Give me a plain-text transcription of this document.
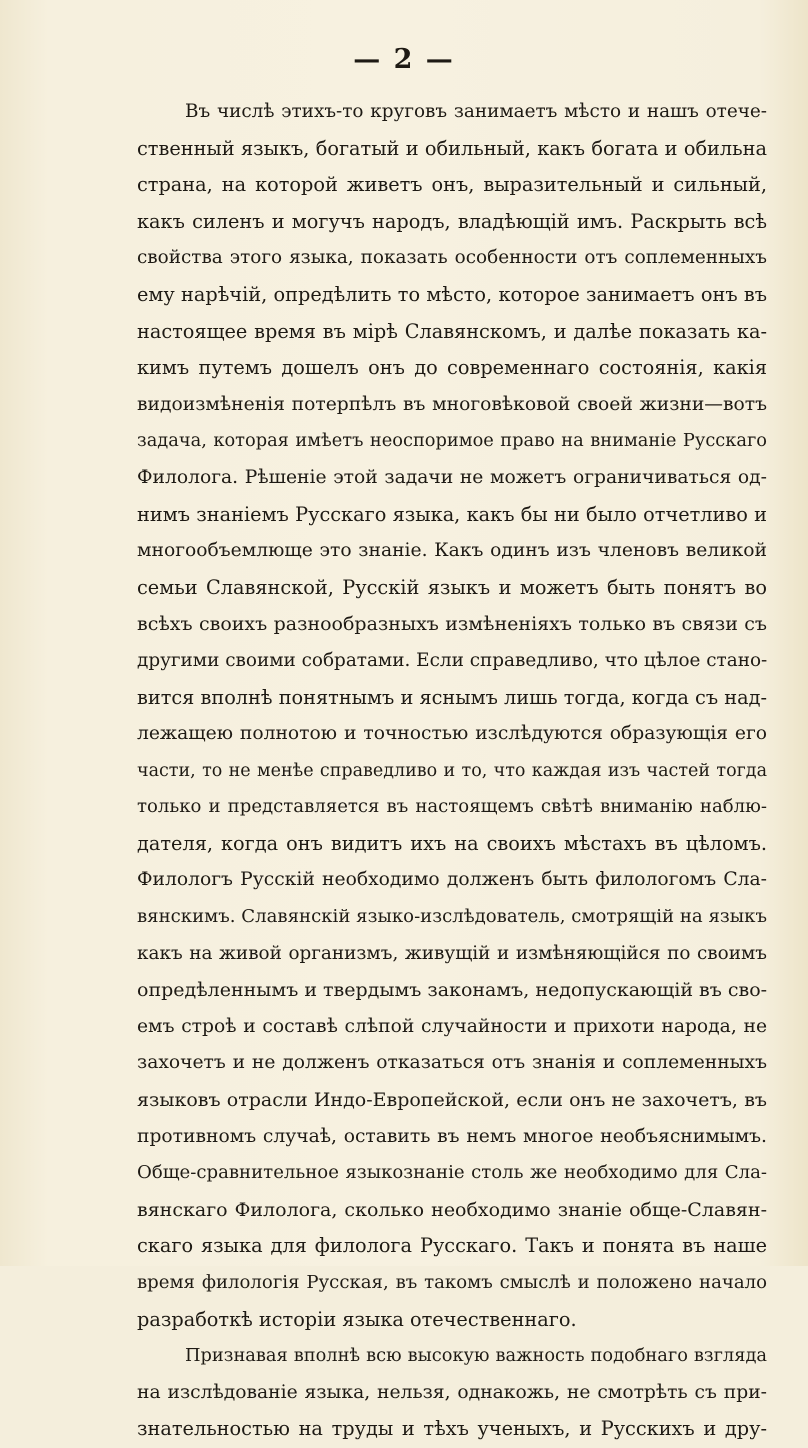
— 2 —
Въ числѣ этихъ-то круговъ занимаетъ мѣсто и нашъ отече-
ственный языкъ, богатый и обильный, какъ богата и обильна
страна, на которой живетъ онъ, выразительный и сильный,
какъ силенъ и могучъ народъ, владѣющій имъ. Раскрыть всѣ
свойства этого языка, показать особенности отъ соплеменныхъ
ему нарѣчій, опредѣлить то мѣсто, которое занимаетъ онъ въ
настоящее время въ мірѣ Славянскомъ, и далѣе показать ка-
кимъ путемъ дошелъ онъ до современнаго состоянія, какія
видоизмѣненія потерпѣлъ въ многовѣковой своей жизни—вотъ
задача, которая имѣетъ неоспоримое право на вниманіе Русскаго
Филолога. Рѣшеніе этой задачи не можетъ ограничиваться од-
нимъ знаніемъ Русскаго языка, какъ бы ни было отчетливо и
многообъемлюще это знаніе. Какъ одинъ изъ членовъ великой
семьи Славянской, Русскій языкъ и можетъ быть понятъ во
всѣхъ своихъ разнообразныхъ измѣненіяхъ только въ связи съ
другими своими собратами. Если справедливо, что цѣлое стано-
вится вполнѣ понятнымъ и яснымъ лишь тогда, когда съ над-
лежащею полнотою и точностью изслѣдуются образующія его
части, то не менѣе справедливо и то, что каждая изъ частей тогда
только и представляется въ настоящемъ свѣтѣ вниманію наблю-
дателя, когда онъ видитъ ихъ на своихъ мѣстахъ въ цѣломъ.
Филологъ Русскій необходимо долженъ быть филологомъ Сла-
вянскимъ. Славянскій языко-изслѣдователь, смотрящій на языкъ
какъ на живой организмъ, живущій и измѣняющійся по своимъ
опредѣленнымъ и твердымъ законамъ, недопускающій въ сво-
емъ строѣ и составѣ слѣпой случайности и прихоти народа, не
захочетъ и не долженъ отказаться отъ знанія и соплеменныхъ
языковъ отрасли Индо-Европейской, если онъ не захочетъ, въ
противномъ случаѣ, оставить въ немъ многое необъяснимымъ.
Обще-сравнительное языкознаніе столь же необходимо для Сла-
вянскаго Филолога, сколько необходимо знаніе обще-Славян-
скаго языка для филолога Русскаго. Такъ и понята въ наше
время филологія Русская, въ такомъ смыслѣ и положено начало
разработкѣ исторіи языка отечественнаго.
Признавая вполнѣ всю высокую важность подобнаго взгляда
на изслѣдованіе языка, нельзя, однакожь, не смотрѣть съ при-
знательностью на труды и тѣхъ ученыхъ, и Русскихъ и дру-
